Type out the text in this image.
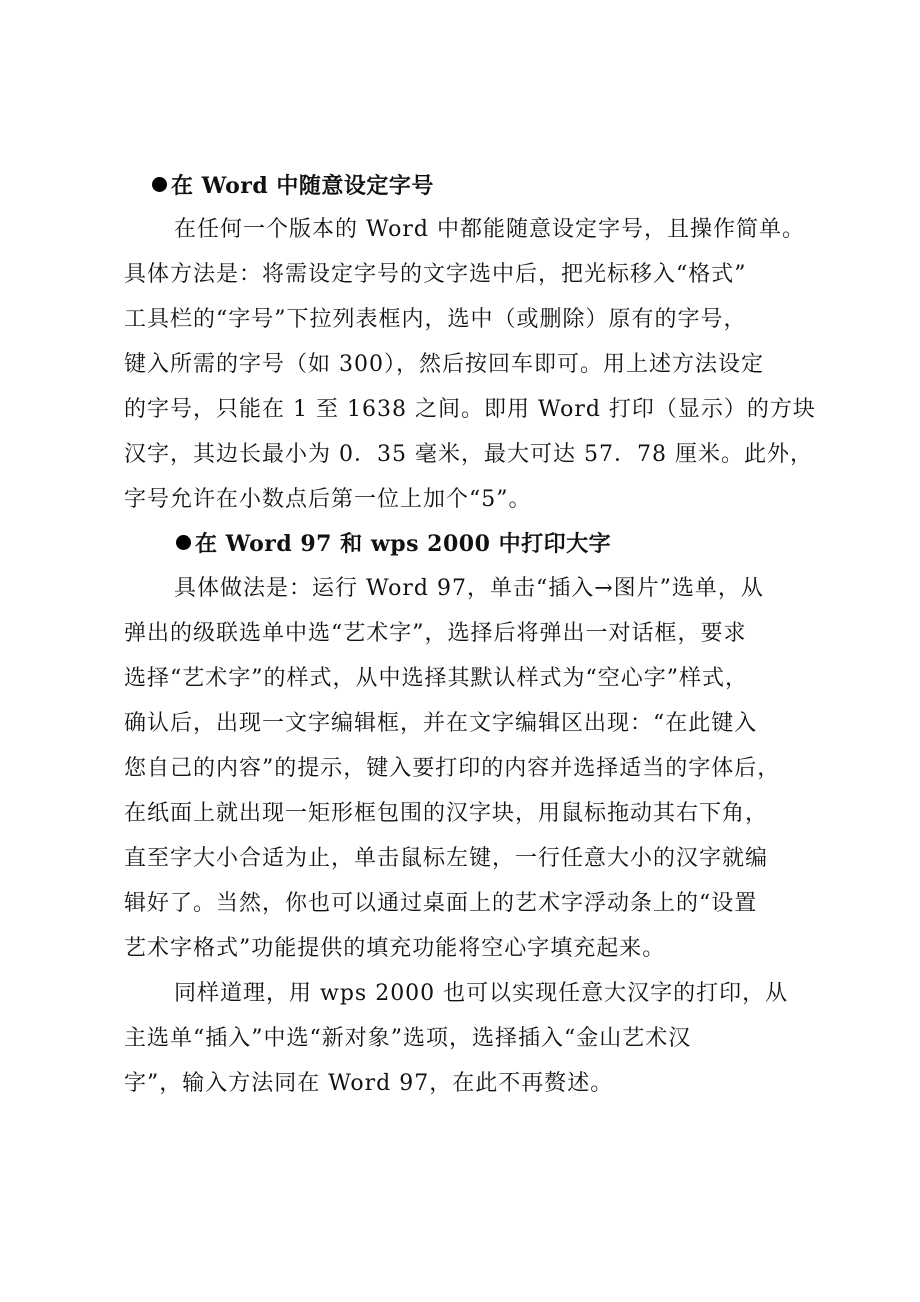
在 Word 中随意设定字号
在任何一个版本的 Word 中都能随意设定字号，且操作简单。
具体方法是：将需设定字号的文字选中后，把光标移入“格式”
工具栏的“字号”下拉列表框内，选中（或删除）原有的字号，
键入所需的字号（如 300），然后按回车即可。用上述方法设定
的字号，只能在 1 至 1638 之间。即用 Word 打印（显示）的方块
汉字，其边长最小为 0．35 毫米，最大可达 57．78 厘米。此外，
字号允许在小数点后第一位上加个“5”。
在 Word 97 和 wps 2000 中打印大字
具体做法是：运行 Word 97，单击“插入→图片”选单，从
弹出的级联选单中选“艺术字”，选择后将弹出一对话框，要求
选择“艺术字”的样式，从中选择其默认样式为“空心字”样式，
确认后，出现一文字编辑框，并在文字编辑区出现：“在此键入
您自己的内容”的提示，键入要打印的内容并选择适当的字体后，
在纸面上就出现一矩形框包围的汉字块，用鼠标拖动其右下角，
直至字大小合适为止，单击鼠标左键，一行任意大小的汉字就编
辑好了。当然，你也可以通过桌面上的艺术字浮动条上的“设置
艺术字格式”功能提供的填充功能将空心字填充起来。
同样道理，用 wps 2000 也可以实现任意大汉字的打印，从
主选单“插入”中选“新对象”选项，选择插入“金山艺术汉
字”，输入方法同在 Word 97，在此不再赘述。
